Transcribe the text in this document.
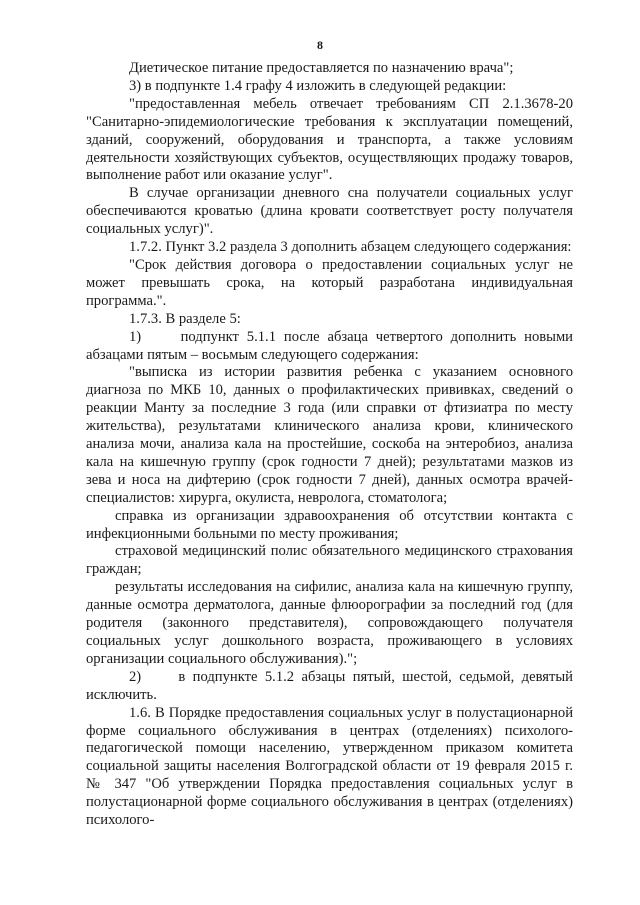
8

Диетическое питание предоставляется по назначению врача";

3) в подпункте 1.4 графу 4 изложить в следующей редакции:

"предоставленная мебель отвечает требованиям СП 2.1.3678-20 "Санитарно-эпидемиологические требования к эксплуатации помещений, зданий, сооружений, оборудования и транспорта, а также условиям деятельности хозяйствующих субъектов, осуществляющих продажу товаров, выполнение работ или оказание услуг".

В случае организации дневного сна получатели социальных услуг обеспечиваются кроватью (длина кровати соответствует росту получателя социальных услуг)".

1.7.2. Пункт 3.2 раздела 3 дополнить абзацем следующего содержания:

"Срок действия договора о предоставлении социальных услуг не может превышать срока, на который разработана индивидуальная программа.".

1.7.3. В разделе 5:

1)     подпункт 5.1.1 после абзаца четвертого дополнить новыми абзацами пятым – восьмым следующего содержания:

"выписка из истории развития ребенка с указанием основного диагноза по МКБ 10, данных о профилактических прививках, сведений о реакции Манту за последние 3 года (или справки от фтизиатра по месту жительства), результатами клинического анализа крови, клинического анализа мочи, анализа кала на простейшие, соскоба на энтеробиоз, анализа кала на кишечную группу (срок годности 7 дней); результатами мазков из зева и носа на дифтерию (срок годности 7 дней), данных осмотра врачей-специалистов: хирурга, окулиста, невролога, стоматолога;

справка из организации здравоохранения об отсутствии контакта с инфекционными больными по месту проживания;

страховой медицинский полис обязательного медицинского страхования граждан;

результаты исследования на сифилис, анализа кала на кишечную группу, данные осмотра дерматолога, данные флюорографии за последний год (для родителя (законного представителя), сопровождающего получателя социальных услуг дошкольного возраста, проживающего в условиях организации социального обслуживания).";

2)     в подпункте 5.1.2 абзацы пятый, шестой, седьмой, девятый исключить.

1.6. В Порядке предоставления социальных услуг в полустационарной форме социального обслуживания в центрах (отделениях) психолого-педагогической помощи населению, утвержденном приказом комитета социальной защиты населения Волгоградской области от 19 февраля 2015 г. № 347 "Об утверждении Порядка предоставления социальных услуг в полустационарной форме социального обслуживания в центрах (отделениях) психолого-
